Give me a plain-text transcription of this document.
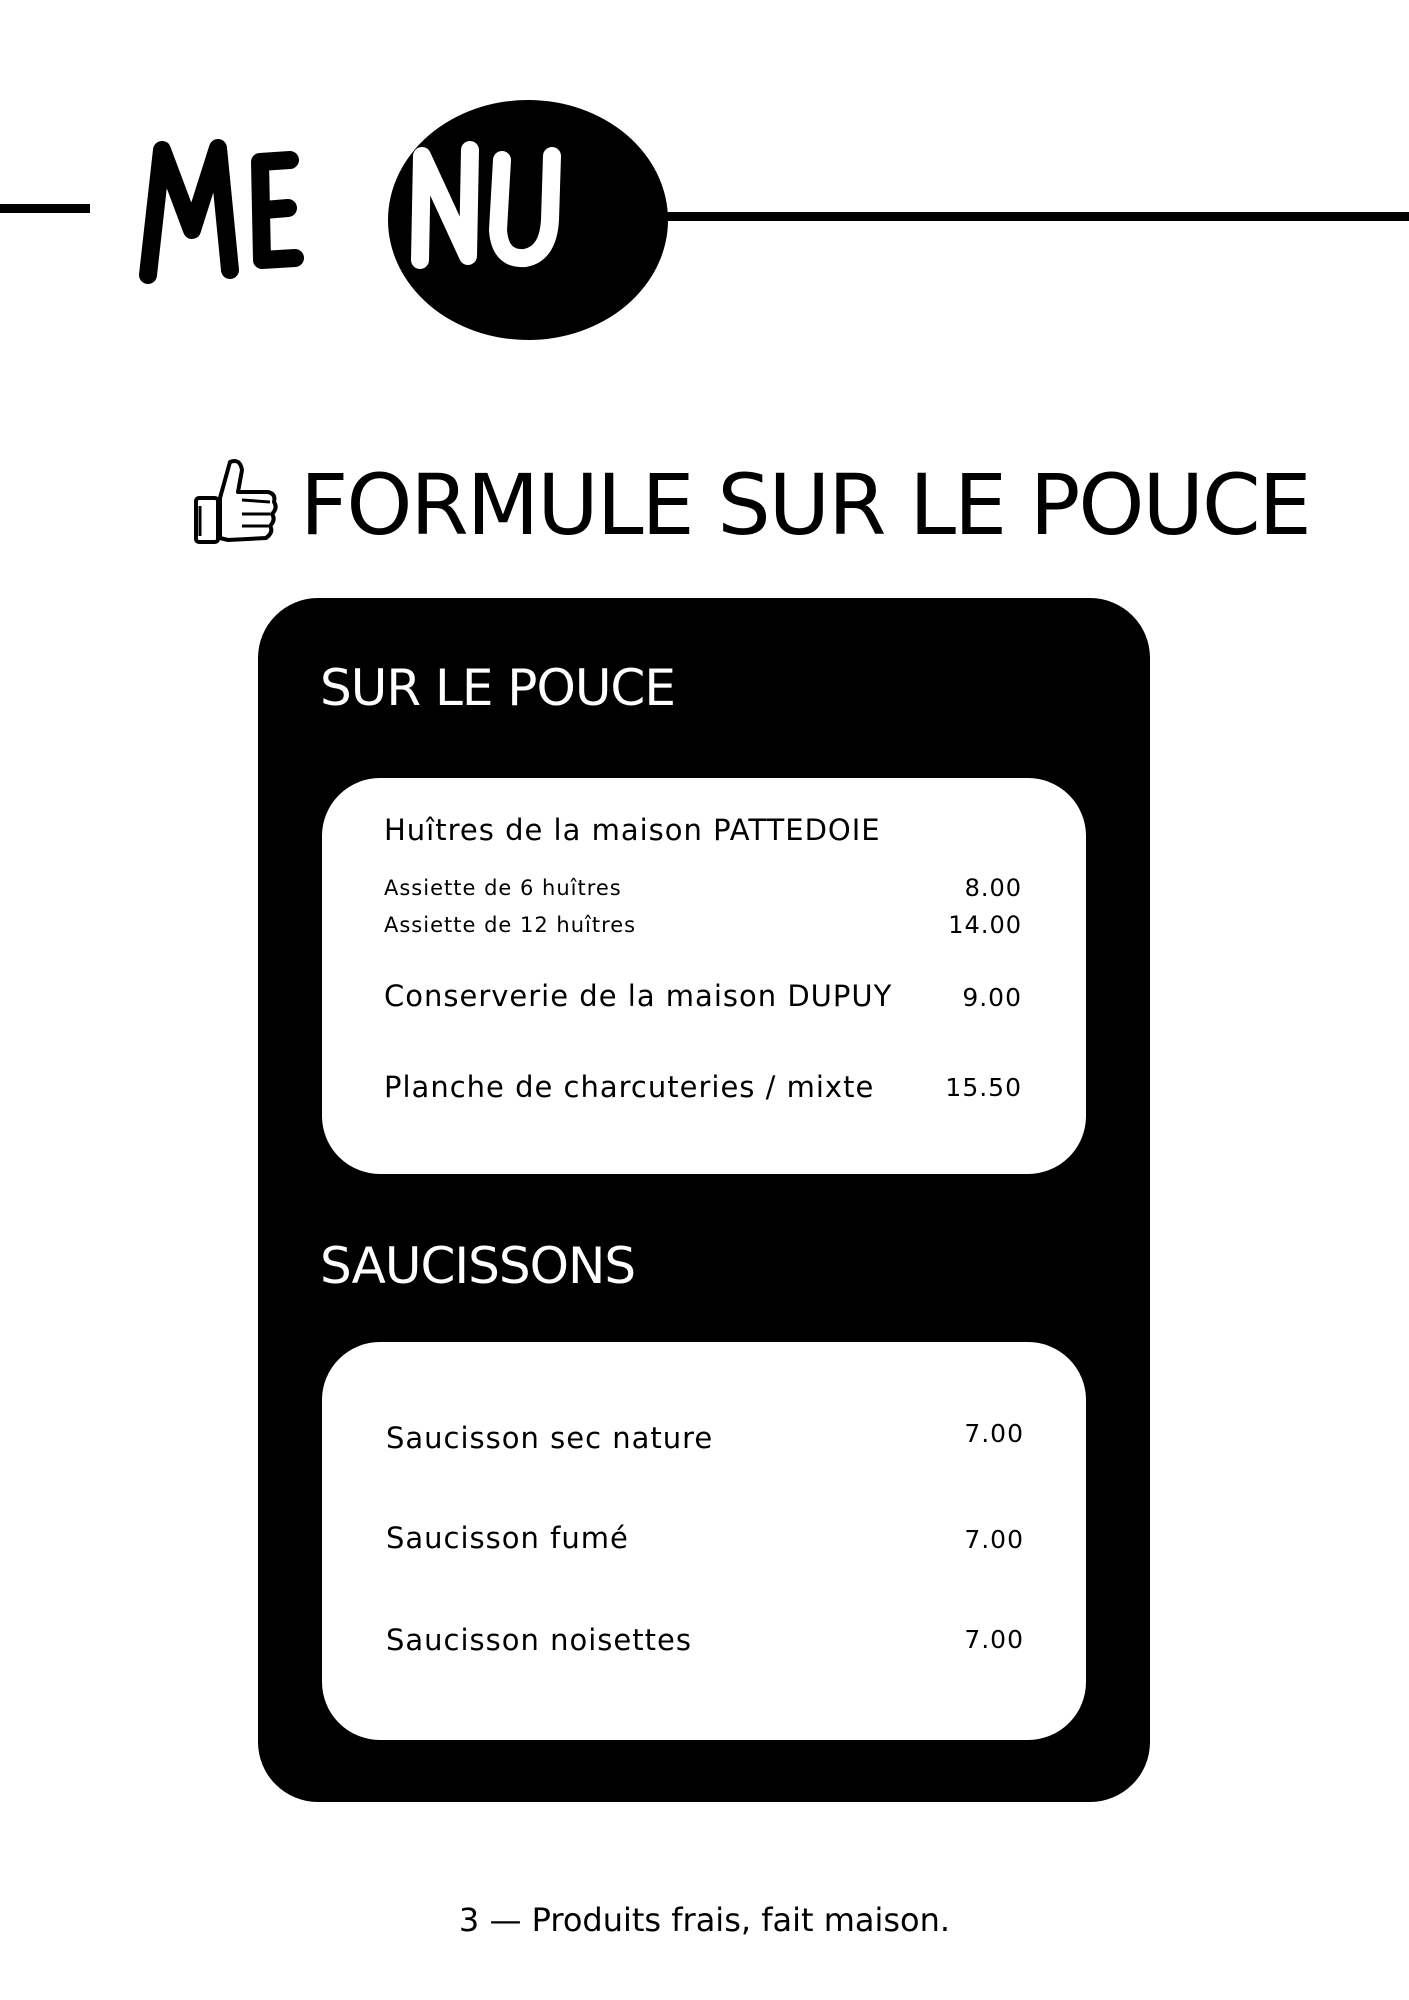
FORMULE SUR LE POUCE
SUR LE POUCE
Huîtres de la maison PATTEDOIE
Assiette de 6 huîtres	8.00
Assiette de 12 huîtres	14.00
Conserverie de la maison DUPUY	9.00
Planche de charcuteries / mixte	15.50
SAUCISSONS
Saucisson sec nature	7.00
Saucisson fumé	7.00
Saucisson noisettes	7.00
3 — Produits frais, fait maison.
